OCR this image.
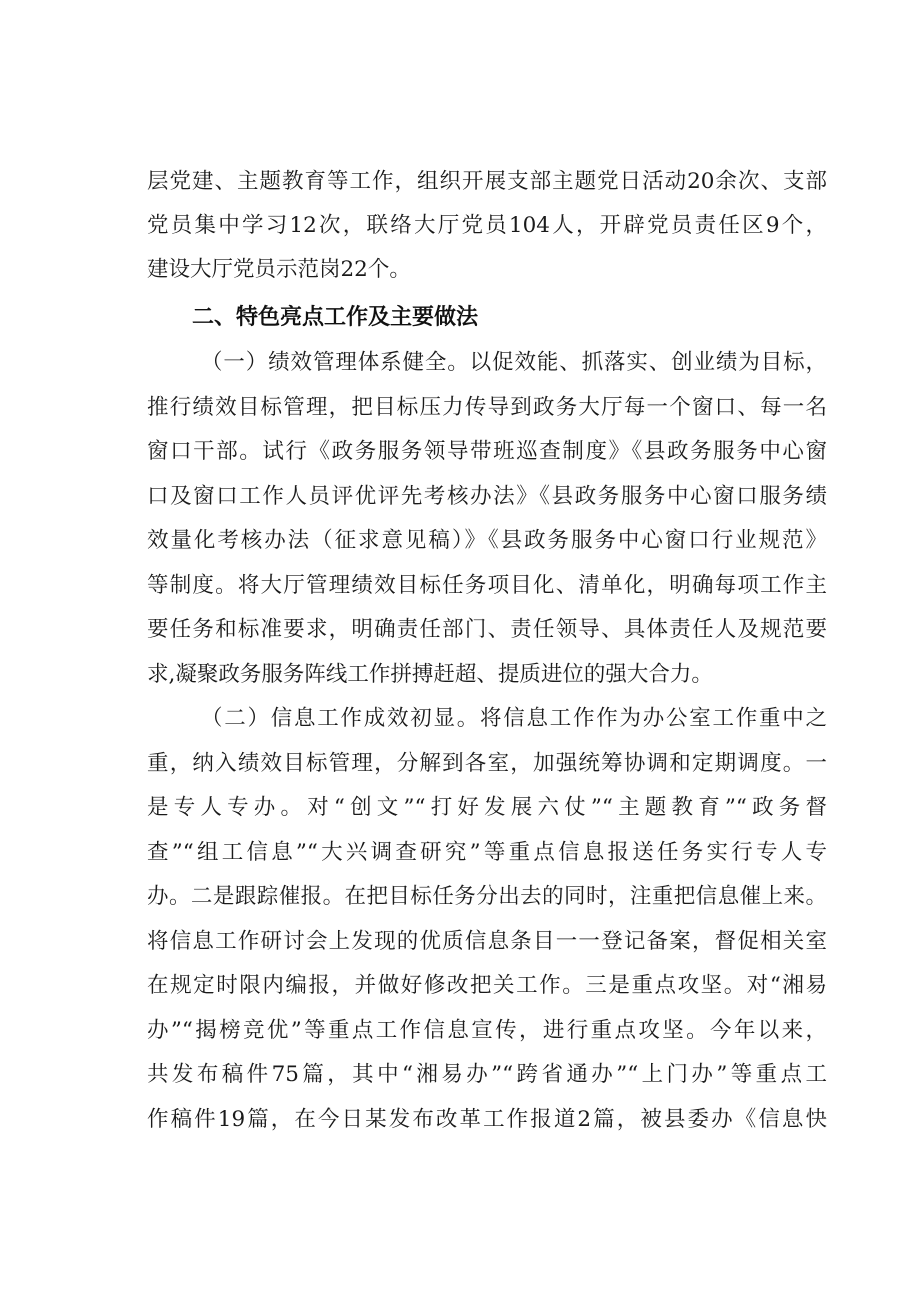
层党建、主题教育等工作，组织开展支部主题党日活动20余次、支部
党员集中学习12次，联络大厅党员104人，开辟党员责任区9个，
建设大厅党员示范岗22个。
二、特色亮点工作及主要做法
（一）绩效管理体系健全。以促效能、抓落实、创业绩为目标，
推行绩效目标管理，把目标压力传导到政务大厅每一个窗口、每一名
窗口干部。试行《政务服务领导带班巡查制度》《县政务服务中心窗
口及窗口工作人员评优评先考核办法》《县政务服务中心窗口服务绩
效量化考核办法（征求意见稿）》《县政务服务中心窗口行业规范》
等制度。将大厅管理绩效目标任务项目化、清单化，明确每项工作主
要任务和标准要求，明确责任部门、责任领导、具体责任人及规范要
求,凝聚政务服务阵线工作拼搏赶超、提质进位的强大合力。
（二）信息工作成效初显。将信息工作作为办公室工作重中之
重，纳入绩效目标管理，分解到各室，加强统筹协调和定期调度。一
是专人专办。对“创文”“打好发展六仗”“主题教育”“政务督
查”“组工信息”“大兴调查研究”等重点信息报送任务实行专人专
办。二是跟踪催报。在把目标任务分出去的同时，注重把信息催上来。
将信息工作研讨会上发现的优质信息条目一一登记备案，督促相关室
在规定时限内编报，并做好修改把关工作。三是重点攻坚。对“湘易
办”“揭榜竞优”等重点工作信息宣传，进行重点攻坚。今年以来，
共发布稿件75篇，其中“湘易办”“跨省通办”“上门办”等重点工
作稿件19篇，在今日某发布改革工作报道2篇，被县委办《信息快
